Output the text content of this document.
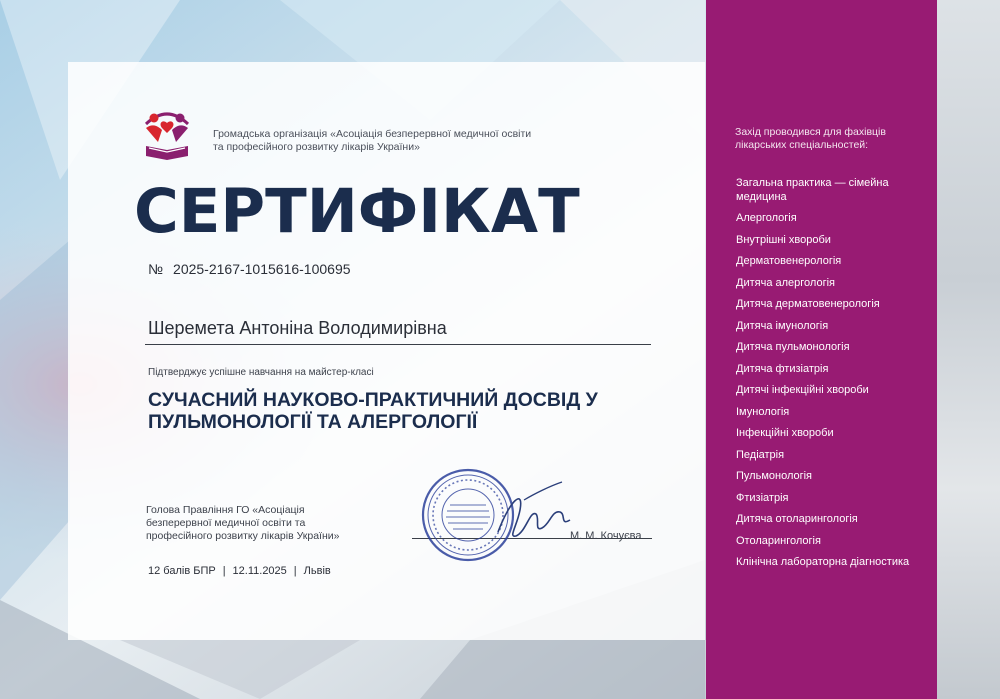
Громадська організація «Асоціація безперервної медичної освіти та професійного розвитку лікарів України»
СЕРТИФІКАТ
№ 2025-2167-1015616-100695
Шеремета Антоніна Володимирівна
Підтверджує успішне навчання на майстер-класі
СУЧАСНИЙ НАУКОВО-ПРАКТИЧНИЙ ДОСВІД У ПУЛЬМОНОЛОГІЇ ТА АЛЕРГОЛОГІЇ
Голова Правління ГО «Асоціація безперервної медичної освіти та професійного розвитку лікарів України»	М. М. Кочуєва
12 балів БПР | 12.11.2025 | Львів
Захід проводився для фахівців лікарських спеціальностей:
Загальна практика — сімейна медицина
Алергологія
Внутрішні хвороби
Дерматовенерологія
Дитяча алергологія
Дитяча дерматовенерологія
Дитяча імунологія
Дитяча пульмонологія
Дитяча фтизіатрія
Дитячі інфекційні хвороби
Імунологія
Інфекційні хвороби
Педіатрія
Пульмонологія
Фтизіатрія
Дитяча отоларингологія
Отоларингологія
Клінічна лабораторна діагностика
